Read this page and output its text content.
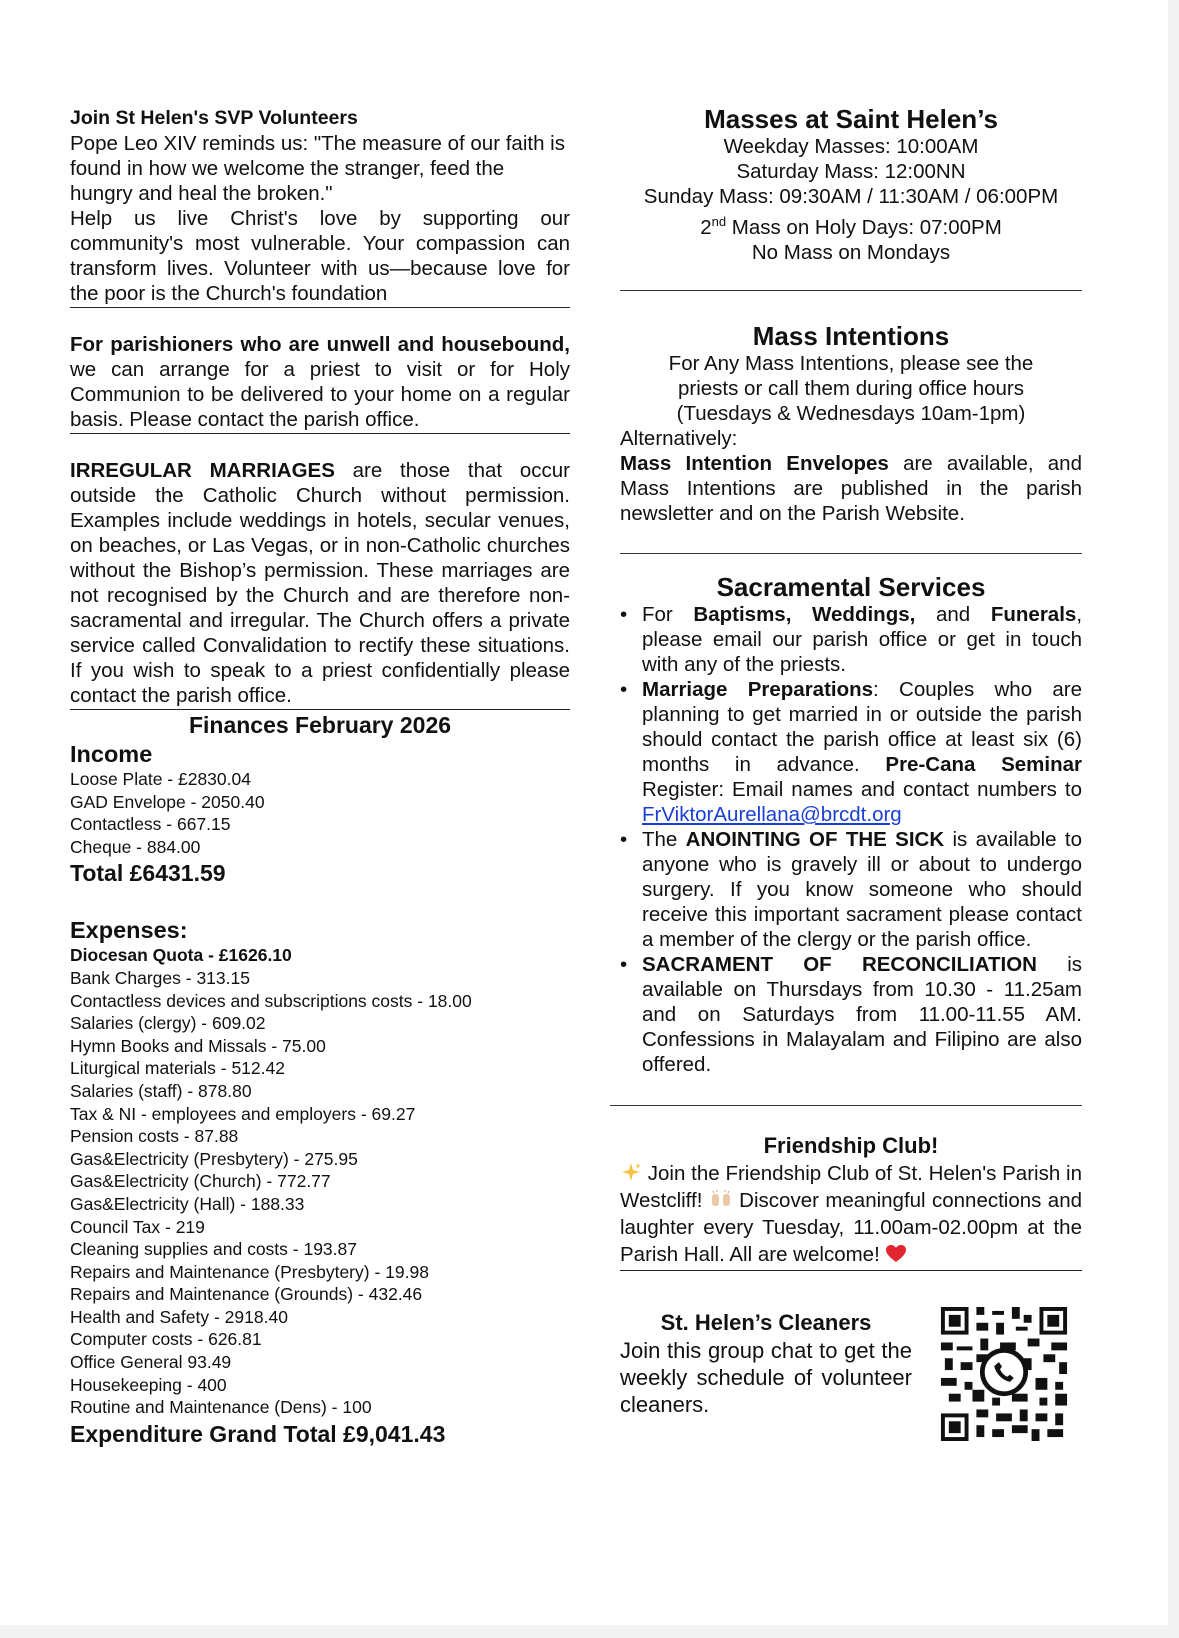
Join St Helen's SVP Volunteers

Pope Leo XIV reminds us: "The measure of our faith is found in how we welcome the stranger, feed the hungry and heal the broken."

Help us live Christ's love by supporting our community's most vulnerable. Your compassion can transform lives. Volunteer with us—because love for the poor is the Church's foundation

For parishioners who are unwell and housebound, we can arrange for a priest to visit or for Holy Communion to be delivered to your home on a regular basis. Please contact the parish office.

IRREGULAR MARRIAGES are those that occur outside the Catholic Church without permission. Examples include weddings in hotels, secular venues, on beaches, or Las Vegas, or in non-Catholic churches without the Bishop’s permission. These marriages are not recognised by the Church and are therefore non-sacramental and irregular. The Church offers a private service called Convalidation to rectify these situations. If you wish to speak to a priest confidentially please contact the parish office.

Finances February 2026

Income

Loose Plate - £2830.04

GAD Envelope - 2050.40

Contactless - 667.15

Cheque - 884.00

Total £6431.59

Expenses:

Diocesan Quota - £1626.10

Bank Charges - 313.15

Contactless devices and subscriptions costs - 18.00

Salaries (clergy) - 609.02

Hymn Books and Missals - 75.00

Liturgical materials - 512.42

Salaries (staff) - 878.80

Tax & NI - employees and employers - 69.27

Pension costs - 87.88

Gas&Electricity (Presbytery) - 275.95

Gas&Electricity (Church) - 772.77

Gas&Electricity (Hall) - 188.33

Council Tax - 219

Cleaning supplies and costs - 193.87

Repairs and Maintenance (Presbytery) - 19.98

Repairs and Maintenance (Grounds) - 432.46

Health and Safety - 2918.40

Computer costs - 626.81

Office General 93.49

Housekeeping - 400

Routine and Maintenance (Dens) - 100

Expenditure Grand Total £9,041.43

Masses at Saint Helen’s

Weekday Masses: 10:00AM

Saturday Mass: 12:00NN

Sunday Mass: 09:30AM / 11:30AM / 06:00PM

2nd Mass on Holy Days: 07:00PM

No Mass on Mondays

Mass Intentions

For Any Mass Intentions, please see the

priests or call them during office hours

(Tuesdays & Wednesdays 10am-1pm)

Alternatively:

Mass Intention Envelopes are available, and Mass Intentions are published in the parish newsletter and on the Parish Website.

Sacramental Services

• For Baptisms, Weddings, and Funerals, please email our parish office or get in touch with any of the priests.
• Marriage Preparations: Couples who are planning to get married in or outside the parish should contact the parish office at least six (6) months in advance. Pre-Cana Seminar Register: Email names and contact numbers to FrViktorAurellana@brcdt.org
• The ANOINTING OF THE SICK is available to anyone who is gravely ill or about to undergo surgery. If you know someone who should receive this important sacrament please contact a member of the clergy or the parish office.
• SACRAMENT OF RECONCILIATION is available on Thursdays from 10.30 - 11.25am and on Saturdays from 11.00-11.55 AM. Confessions in Malayalam and Filipino are also offered.

Friendship Club!

Join the Friendship Club of St. Helen's Parish in Westcliff!  Discover meaningful connections and laughter every Tuesday, 11.00am-02.00pm at the Parish Hall. All are welcome!

St. Helen’s Cleaners

Join this group chat to get the weekly schedule of volunteer cleaners.
